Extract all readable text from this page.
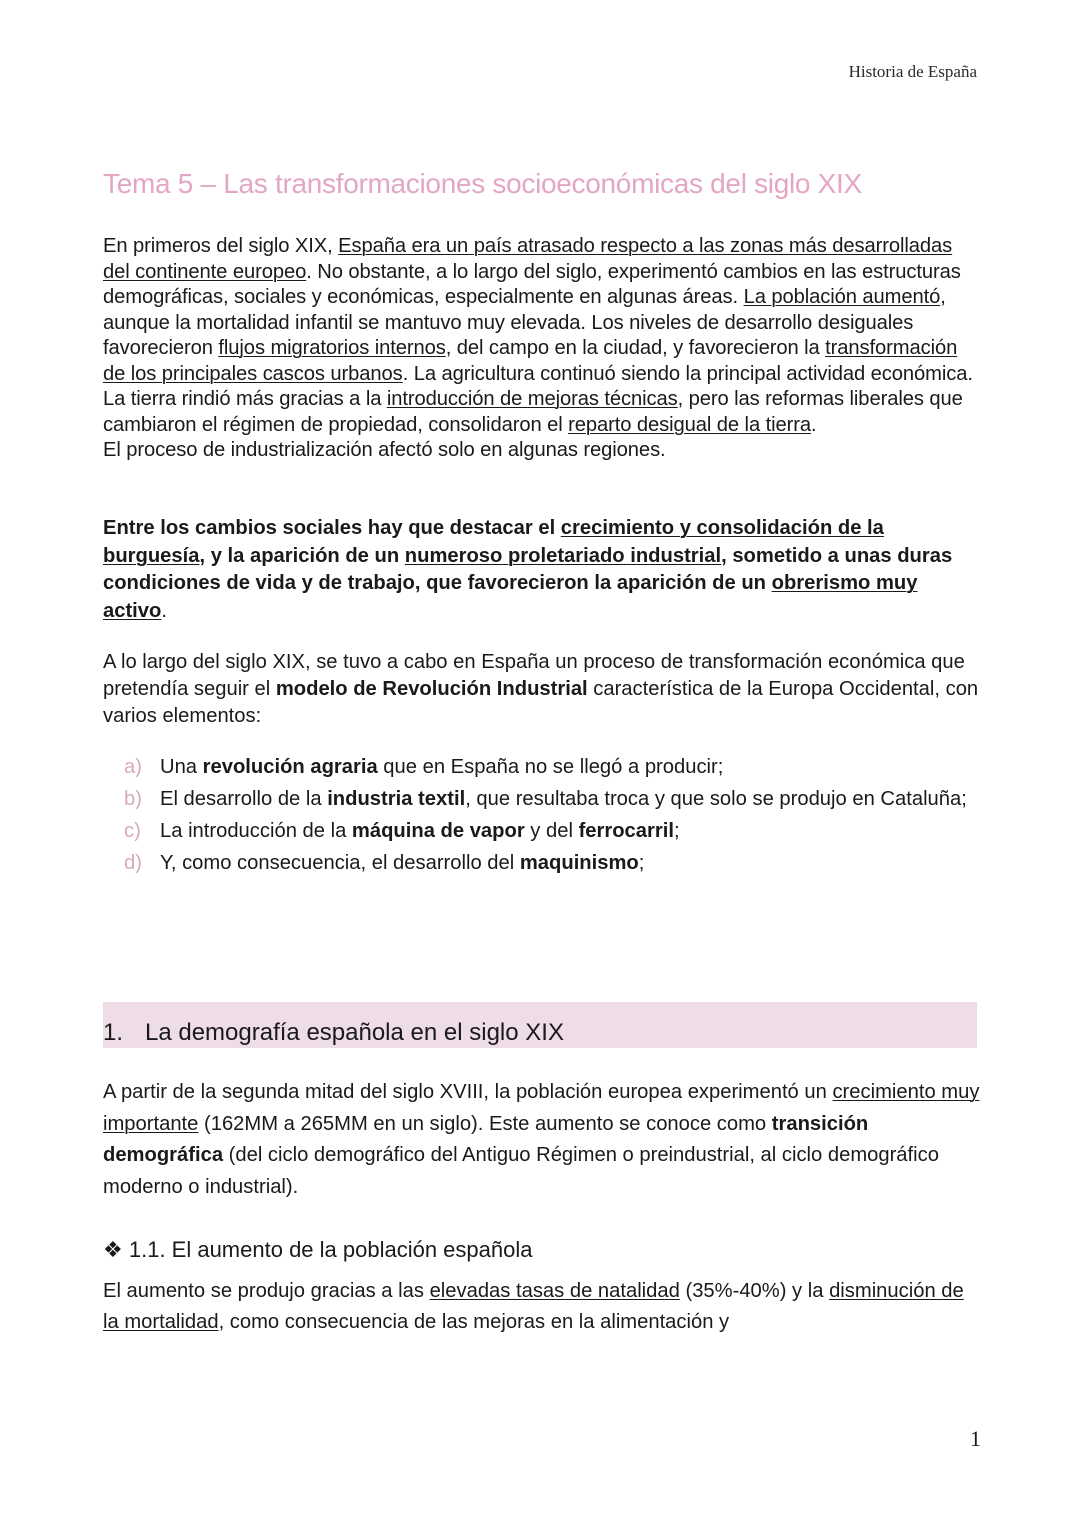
Historia de España
Tema 5 – Las transformaciones socioeconómicas del siglo XIX

En primeros del siglo XIX, España era un país atrasado respecto a las zonas más desarrolladas del continente europeo. No obstante, a lo largo del siglo, experimentó cambios en las estructuras demográficas, sociales y económicas, especialmente en algunas áreas. La población aumentó, aunque la mortalidad infantil se mantuvo muy elevada. Los niveles de desarrollo desiguales favorecieron flujos migratorios internos, del campo en la ciudad, y favorecieron la transformación de los principales cascos urbanos. La agricultura continuó siendo la principal actividad económica. La tierra rindió más gracias a la introducción de mejoras técnicas, pero las reformas liberales que cambiaron el régimen de propiedad, consolidaron el reparto desigual de la tierra.
El proceso de industrialización afectó solo en algunas regiones.

Entre los cambios sociales hay que destacar el crecimiento y consolidación de la burguesía, y la aparición de un numeroso proletariado industrial, sometido a unas duras condiciones de vida y de trabajo, que favorecieron la aparición de un obrerismo muy activo.

A lo largo del siglo XIX, se tuvo a cabo en España un proceso de transformación económica que pretendía seguir el modelo de Revolución Industrial característica de la Europa Occidental, con varios elementos:

a) Una revolución agraria que en España no se llegó a producir;
b) El desarrollo de la industria textil, que resultaba troca y que solo se produjo en Cataluña;
c) La introducción de la máquina de vapor y del ferrocarril;
d) Y, como consecuencia, el desarrollo del maquinismo;
1. La demografía española en el siglo XIX

A partir de la segunda mitad del siglo XVIII, la población europea experimentó un crecimiento muy importante (162MM a 265MM en un siglo). Este aumento se conoce como transición demográfica (del ciclo demográfico del Antiguo Régimen o preindustrial, al ciclo demográfico moderno o industrial).

❖ 1.1. El aumento de la población española

El aumento se produjo gracias a las elevadas tasas de natalidad (35%-40%) y la disminución de la mortalidad, como consecuencia de las mejoras en la alimentación y

1
